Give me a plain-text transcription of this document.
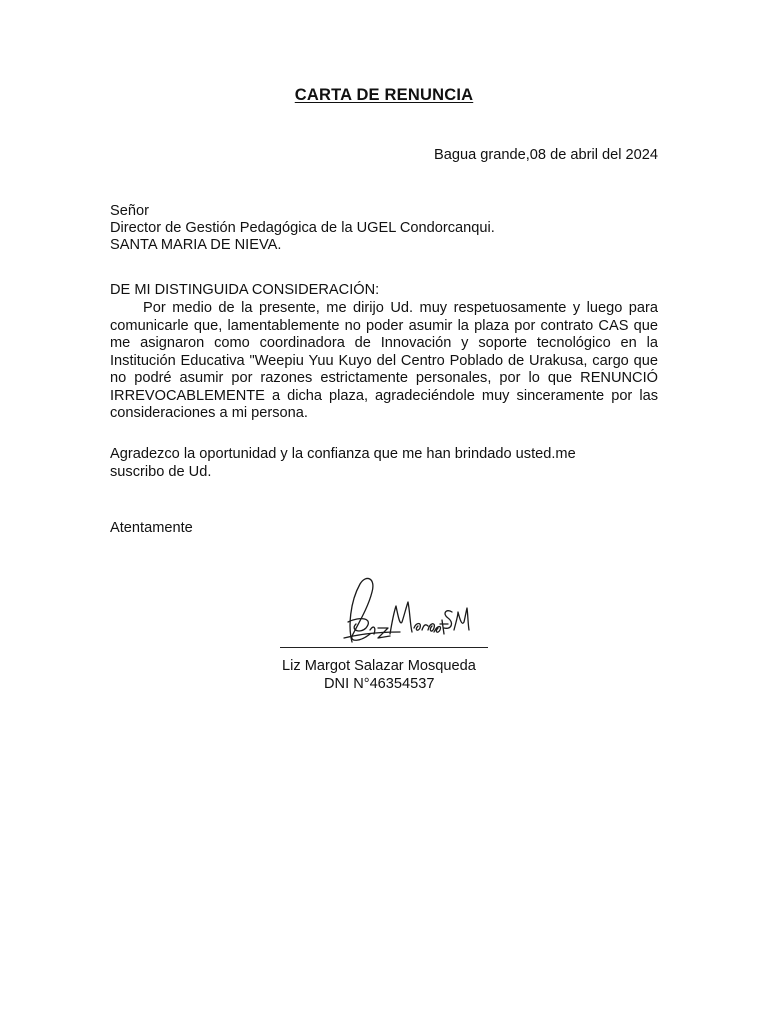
CARTA DE RENUNCIA
Bagua grande,08 de abril del 2024
Señor
Director de Gestión Pedagógica de la UGEL Condorcanqui.
SANTA MARIA DE NIEVA.
DE MI DISTINGUIDA CONSIDERACIÓN:
Por medio de la presente, me dirijo Ud. muy respetuosamente y luego para comunicarle que, lamentablemente no poder asumir la plaza por contrato CAS que me asignaron como coordinadora de Innovación y soporte tecnológico en la Institución Educativa "Weepiu Yuu Kuyo del Centro Poblado de Urakusa, cargo que no podré asumir por razones estrictamente personales, por lo que RENUNCIÓ IRREVOCABLEMENTE a dicha plaza, agradeciéndole muy sinceramente por las consideraciones a mi persona.
Agradezco la oportunidad y la confianza que me han brindado usted.me suscribo de Ud.
Atentamente
Liz Margot Salazar Mosqueda
DNI N°46354537
